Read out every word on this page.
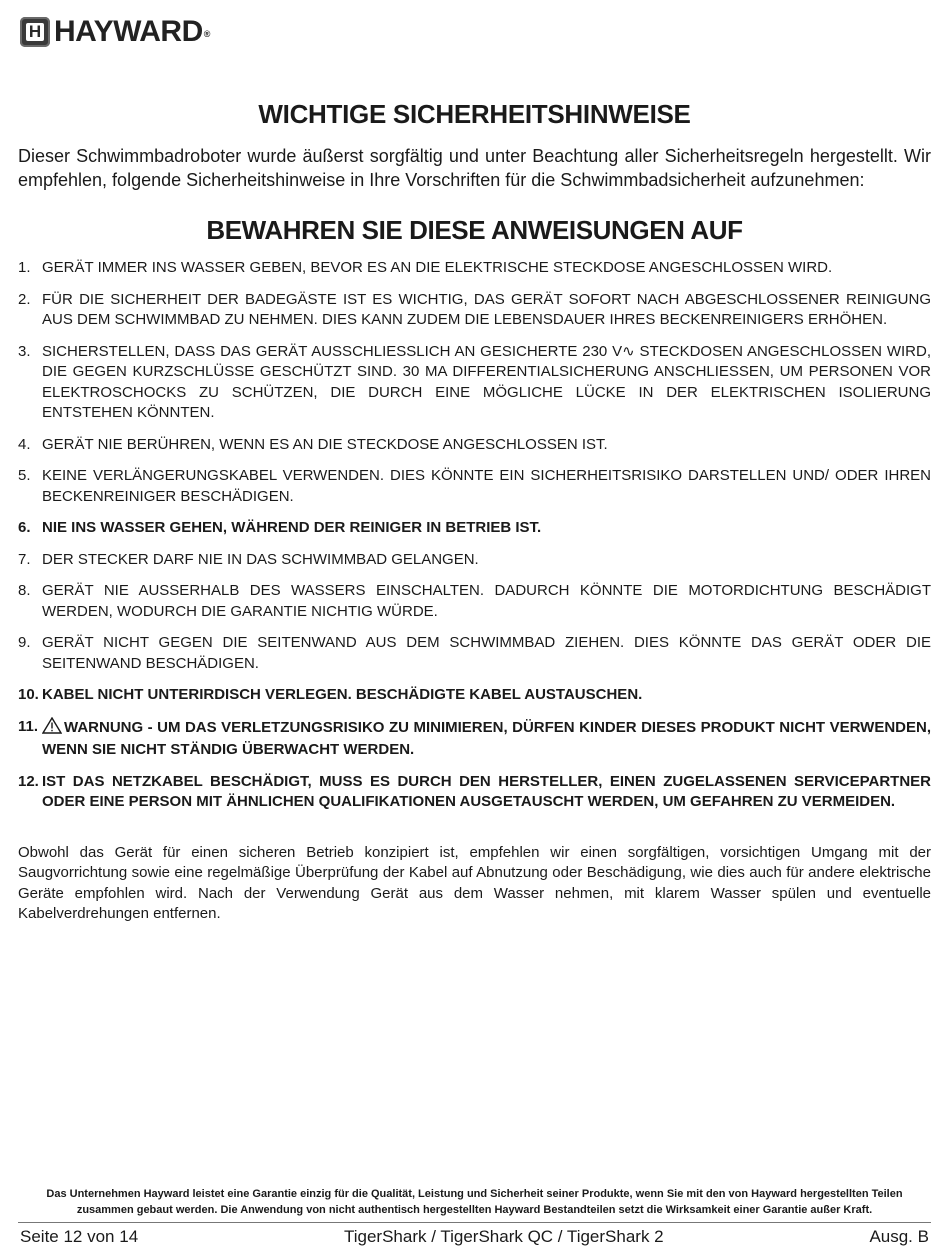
H
HAYWARD®
WICHTIGE SICHERHEITSHINWEISE

Dieser Schwimmbadroboter wurde äußerst sorgfältig und unter Beachtung aller Sicherheitsregeln hergestellt. Wir empfehlen, folgende Sicherheitshinweise in Ihre Vorschriften für die Schwimmbadsicherheit aufzunehmen:

BEWAHREN SIE DIESE ANWEISUNGEN AUF
1. GERÄT IMMER INS WASSER GEBEN, BEVOR ES AN DIE ELEKTRISCHE STECKDOSE ANGESCHLOSSEN WIRD.
2. FÜR DIE SICHERHEIT DER BADEGÄSTE IST ES WICHTIG, DAS GERÄT SOFORT NACH ABGESCHLOSSENER REINIGUNG AUS DEM SCHWIMMBAD ZU NEHMEN. DIES KANN ZUDEM DIE LEBENSDAUER IHRES BECKENREINIGERS ERHÖHEN.
3. SICHERSTELLEN, DASS DAS GERÄT AUSSCHLIESSLICH AN GESICHERTE 230 V∿ STECKDOSEN ANGESCHLOSSEN WIRD, DIE GEGEN KURZSCHLÜSSE GESCHÜTZT SIND. 30 MA DIFFERENTIALSICHERUNG ANSCHLIESSEN, UM PERSONEN VOR ELEKTROSCHOCKS ZU SCHÜTZEN, DIE DURCH EINE MÖGLICHE LÜCKE IN DER ELEKTRISCHEN ISOLIERUNG ENTSTEHEN KÖNNTEN.
4. GERÄT NIE BERÜHREN, WENN ES AN DIE STECKDOSE ANGESCHLOSSEN IST.
5. KEINE VERLÄNGERUNGSKABEL VERWENDEN. DIES KÖNNTE EIN SICHERHEITSRISIKO DARSTELLEN UND/ ODER IHREN BECKENREINIGER BESCHÄDIGEN.
6. NIE INS WASSER GEHEN, WÄHREND DER REINIGER IN BETRIEB IST.
7. DER STECKER DARF NIE IN DAS SCHWIMMBAD GELANGEN.
8. GERÄT NIE AUSSERHALB DES WASSERS EINSCHALTEN. DADURCH KÖNNTE DIE MOTORDICHTUNG BESCHÄDIGT WERDEN, WODURCH DIE GARANTIE NICHTIG WÜRDE.
9. GERÄT NICHT GEGEN DIE SEITENWAND AUS DEM SCHWIMMBAD ZIEHEN. DIES KÖNNTE DAS GERÄT ODER DIE SEITENWAND BESCHÄDIGEN.
10. KABEL NICHT UNTERIRDISCH VERLEGEN. BESCHÄDIGTE KABEL AUSTAUSCHEN.
11. WARNUNG - UM DAS VERLETZUNGSRISIKO ZU MINIMIEREN, DÜRFEN KINDER DIESES PRODUKT NICHT VERWENDEN, WENN SIE NICHT STÄNDIG ÜBERWACHT WERDEN.
12. IST DAS NETZKABEL BESCHÄDIGT, MUSS ES DURCH DEN HERSTELLER, EINEN ZUGELASSENEN SERVICEPARTNER ODER EINE PERSON MIT ÄHNLICHEN QUALIFIKATIONEN AUSGETAUSCHT WERDEN, UM GEFAHREN ZU VERMEIDEN.

Obwohl das Gerät für einen sicheren Betrieb konzipiert ist, empfehlen wir einen sorgfältigen, vorsichtigen Umgang mit der Saugvorrichtung sowie eine regelmäßige Überprüfung der Kabel auf Abnutzung oder Beschädigung, wie dies auch für andere elektrische Geräte empfohlen wird. Nach der Verwendung Gerät aus dem Wasser nehmen, mit klarem Wasser spülen und eventuelle Kabelverdrehungen entfernen.

Das Unternehmen Hayward leistet eine Garantie einzig für die Qualität, Leistung und Sicherheit seiner Produkte, wenn Sie mit den von Hayward hergestellten Teilen zusammen gebaut werden. Die Anwendung von nicht authentisch hergestellten Hayward Bestandteilen setzt die Wirksamkeit einer Garantie außer Kraft.
Seite 12 von 14	TigerShark / TigerShark QC / TigerShark 2	Ausg. B
